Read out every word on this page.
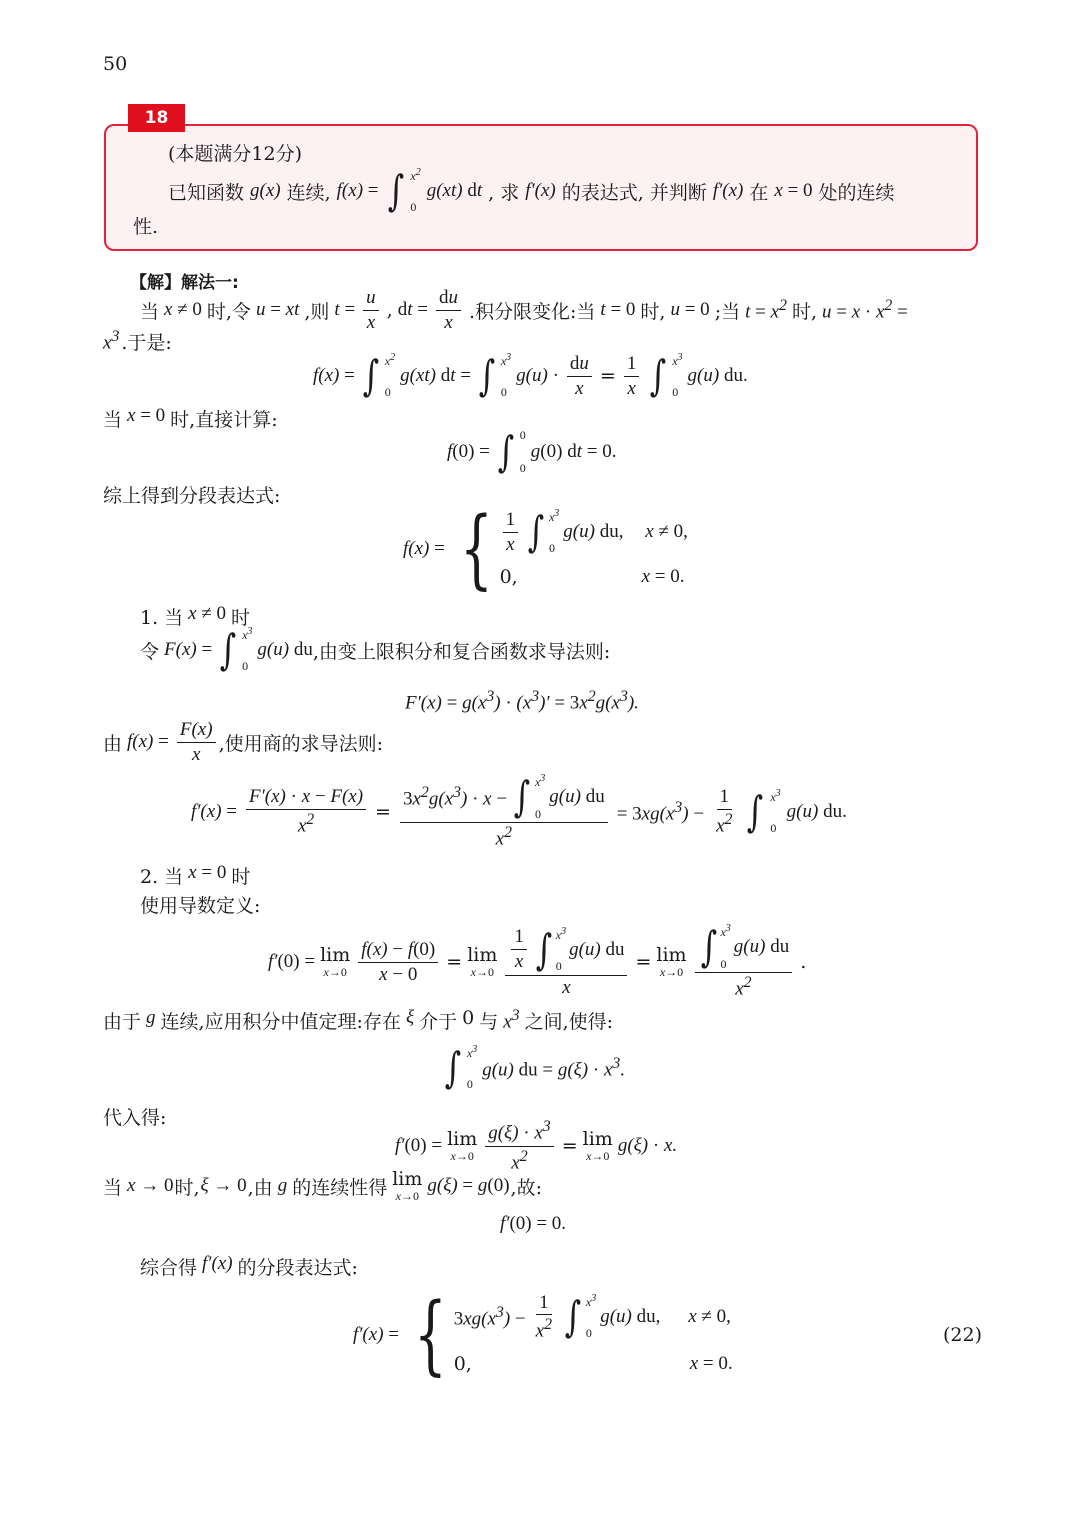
50
18
(本题满分12分)
已知函数 g(x) 连续, f(x) = ∫ $x^2$
0
g(xt) dt , 求 f′(x) 的表达式, 并判断 f′(x) 在 x = 0 处的连续
性.
【解】解法一:
当 x ≠ 0 时,令 u = xt ,则 $t = \frac{u}{x}$ , dt = $\frac{du}{x}$ .积分限变化:当 t = 0 时, u = 0 ;当 $t = x^2$ 时, $u = x \cdot x^2$ =
$x^3$ .于是:
f(x) = ∫ $x^2$
0
g(xt) dt = ∫ $x^3$
0
$g(u) \cdot \frac{du}{x} = \frac{1}{x}$ ∫ $x^3$
0
g(u) du.
当 x = 0 时,直接计算:
f(0) = ∫ 0
0
g(0) dt = 0.
综上得到分段表达式:
f(x) = { $\frac{1}{x}$ ∫ $x^3$
0
g(u) du,	x ≠ 0,
0,	x = 0.
1. 当 x ≠ 0 时
令 F(x) = ∫ $x^3$
0
g(u) du ,由变上限积分和复合函数求导法则:
$F'(x) = g(x^3) \cdot (x^3)' = 3x^2g(x^3)$.
由 $f(x) = \frac{F(x)}{x}$ ,使用商的求导法则:
$f'(x) = \frac{F'(x) \cdot x - F(x)}{x^2} = 3x^2g(x^3) \cdot x$ − ∫ $x^3$
0
g(u) du
$x^2 = 3xg(x^3) - \frac{1}{x^2}$ ∫ $x^3$
0
g(u) du.
2. 当 x = 0 时
使用导数定义:
f′(0) = lim
$x\to 0 \frac{f(x) - f(0)}{x - 0} = \lim$
$x\to 0 \frac{1}{x}$ ∫ $x^3$
0
g(u) du
x = lim
x→0 ∫ $x^3$
0
g(u) du
$x^2$ .
由于 g 连续,应用积分中值定理:存在 ξ 介于 0 与 $x^3$ 之间,使得:
∫ $x^3$
0
g(u) du = $g(\xi) \cdot x^3$.
代入得:
f′(0) = lim
$x\to 0 \frac{g(\xi) \cdot x^3}{x^2} = \lim$
x→0 g(ξ) · x.
当 x → 0 时, ξ → 0 ,由 g 的连续性得 lim
x→0 g(ξ) = g(0) ,故:
f′(0) = 0.
综合得 f′(x) 的分段表达式:
f′(x) = { $3xg(x^3) - \frac{1}{x^2}$ ∫ $x^3$
0
g(u) du,	x ≠ 0,
0,	x = 0.
(22)
